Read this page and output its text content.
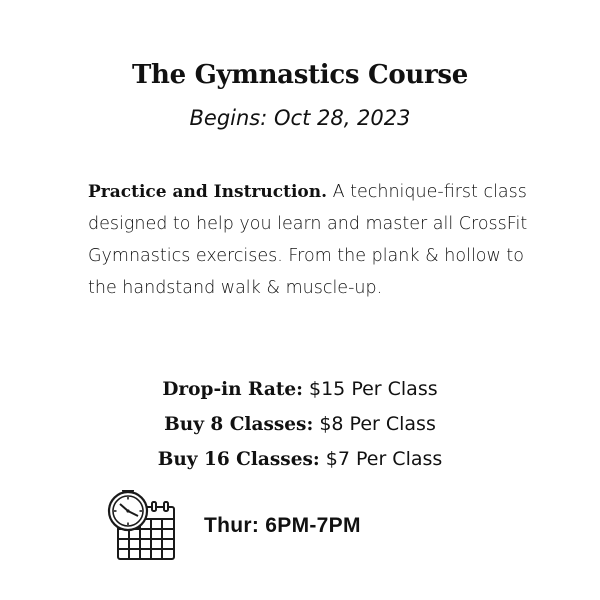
The Gymnastics Course
Begins: Oct 28, 2023
Practice and Instruction. A technique-first class designed to help you learn and master all CrossFit Gymnastics exercises. From the plank & hollow to the handstand walk & muscle-up.
Drop-in Rate: $15 Per Class
Buy 8 Classes: $8 Per Class
Buy 16 Classes: $7 Per Class
Thur: 6PM-7PM
